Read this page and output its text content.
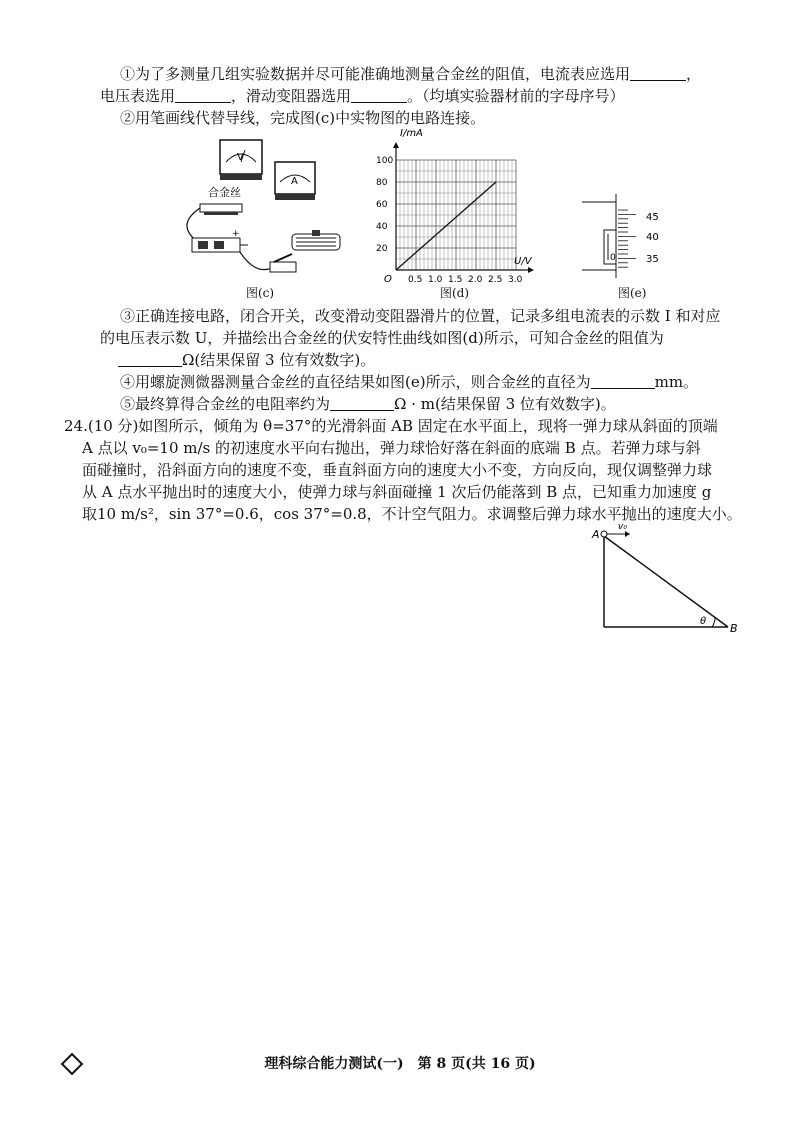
①为了多测量几组实验数据并尽可能准确地测量合金丝的阻值，电流表应选用	，
电压表选用	，滑动变阻器选用	。（均填实验器材前的字母序号）
②用笔画线代替导线，完成图(c)中实物图的电路连接。
V
A
合金丝
+
图(c)
0.5 1.0 1.5 2.0 2.5 3.0
20
40
60
80
100
O
I/mA
U/V
图(d)
0
45
40
35
图(e)
③正确连接电路，闭合开关，改变滑动变阻器滑片的位置，记录多组电流表的示数 I 和对应
的电压表示数 U，并描绘出合金丝的伏安特性曲线如图(d)所示，可知合金丝的阻值为
Ω(结果保留 3 位有效数字)。
④用螺旋测微器测量合金丝的直径结果如图(e)所示，则合金丝的直径为	mm。
⑤最终算得合金丝的电阻率约为	Ω · m(结果保留 3 位有效数字)。
24.(10 分)如图所示，倾角为 θ=37°的光滑斜面 AB 固定在水平面上，现将一弹力球从斜面的顶端
A 点以 v₀=10 m/s 的初速度水平向右抛出，弹力球恰好落在斜面的底端 B 点。若弹力球与斜
面碰撞时，沿斜面方向的速度不变，垂直斜面方向的速度大小不变，方向反向，现仅调整弹力球
从 A 点水平抛出时的速度大小，使弹力球与斜面碰撞 1 次后仍能落到 B 点，已知重力加速度 g
取10 m/s²，sin 37°=0.6，cos 37°=0.8，不计空气阻力。求调整后弹力球水平抛出的速度大小。
v₀
A
B
θ
理科综合能力测试(一)　第 8 页(共 16 页)
